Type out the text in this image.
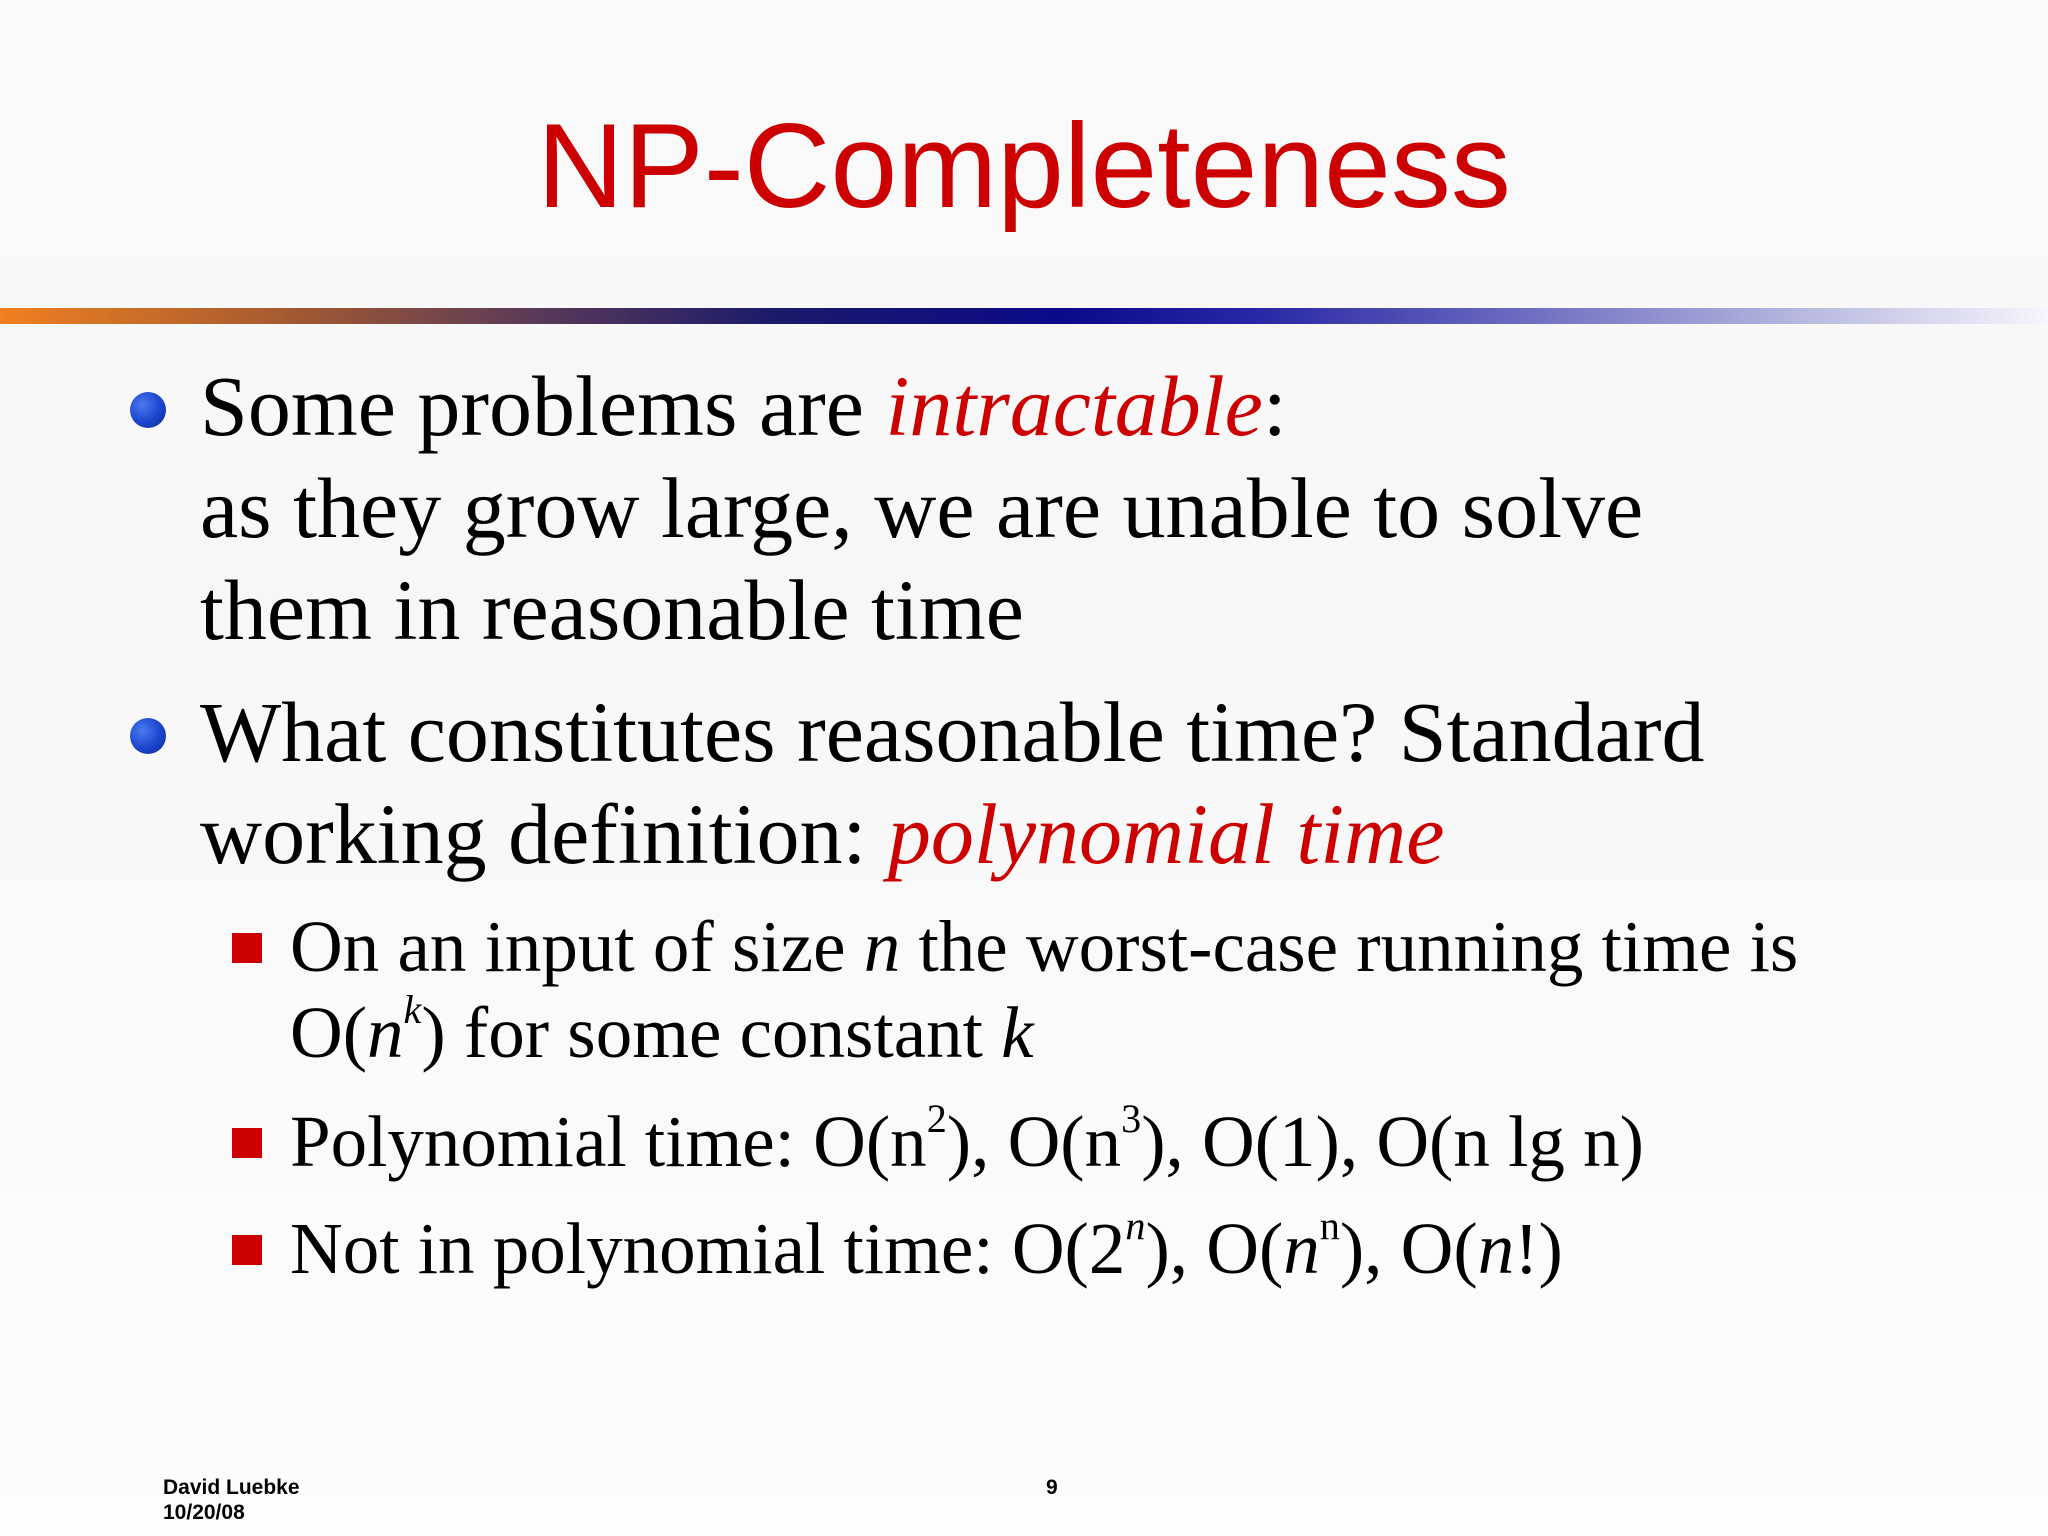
NP-Completeness
Some problems are intractable:
as they grow large, we are unable to solve
them in reasonable time
What constitutes reasonable time? Standard
working definition: polynomial time
On an input of size n the worst-case running time is
$O(n^k)$ for some constant k
Polynomial time: $O(n^2)$, $O(n^3)$, O(1), O(n lg n)
Not in polynomial time: O(2$^n$), $O(n^n)$, O(n!)
David Luebke
10/20/08
9
